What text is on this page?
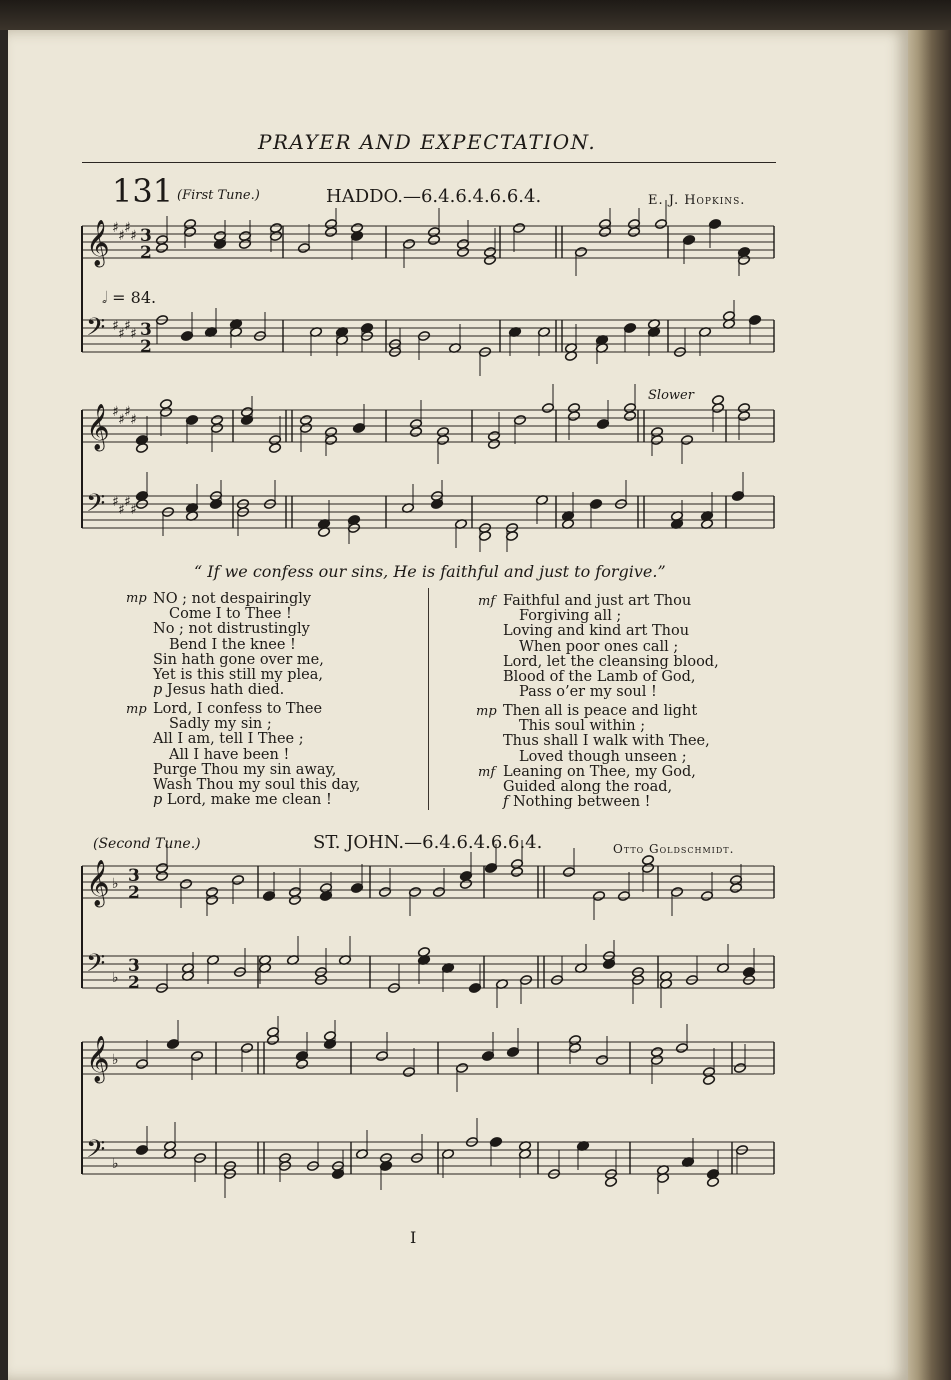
PRAYER AND EXPECTATION.
131 (First Tune.)	HADDO.—6.4.6.4.6.6.4.	E. J. Hopkins.
𝄞 ♯ ♯ ♯ ♯ 3
2
𝄢 ♯ ♯ ♯ ♯ 3
2
𝄞 ♯ ♯ ♯ ♯
𝄢 ♯ ♯ ♯ ♯
𝄞 ♭ 3
2
𝄢 ♭
3
2
𝄞 ♭
𝄢 ♭
𝅗𝅥 = 84.
Slower
“ If we confess our sins, He is faithful and just to forgive.”
NO ; not despairingly
Come I to Thee !
No ; not distrustingly
Bend I the knee !
Sin hath gone over me,
Yet is this still my plea,
p Jesus hath died.
mp
Lord, I confess to Thee
Sadly my sin ;
All I am, tell I Thee ;
All I have been !
Purge Thou my sin away,
Wash Thou my soul this day,
p Lord, make me clean !
mp
Faithful and just art Thou
Forgiving all ;
Loving and kind art Thou
When poor ones call ;
Lord, let the cleansing blood,
Blood of the Lamb of God,
Pass o’er my soul !
mf
Then all is peace and light
This soul within ;
Thus shall I walk with Thee,
Loved though unseen ;
mp
Leaning on Thee, my God,
Guided along the road,
f Nothing between !
mf
(Second Tune.)	ST. JOHN.—6.4.6.4.6.6.4.	Otto Goldschmidt.
I
